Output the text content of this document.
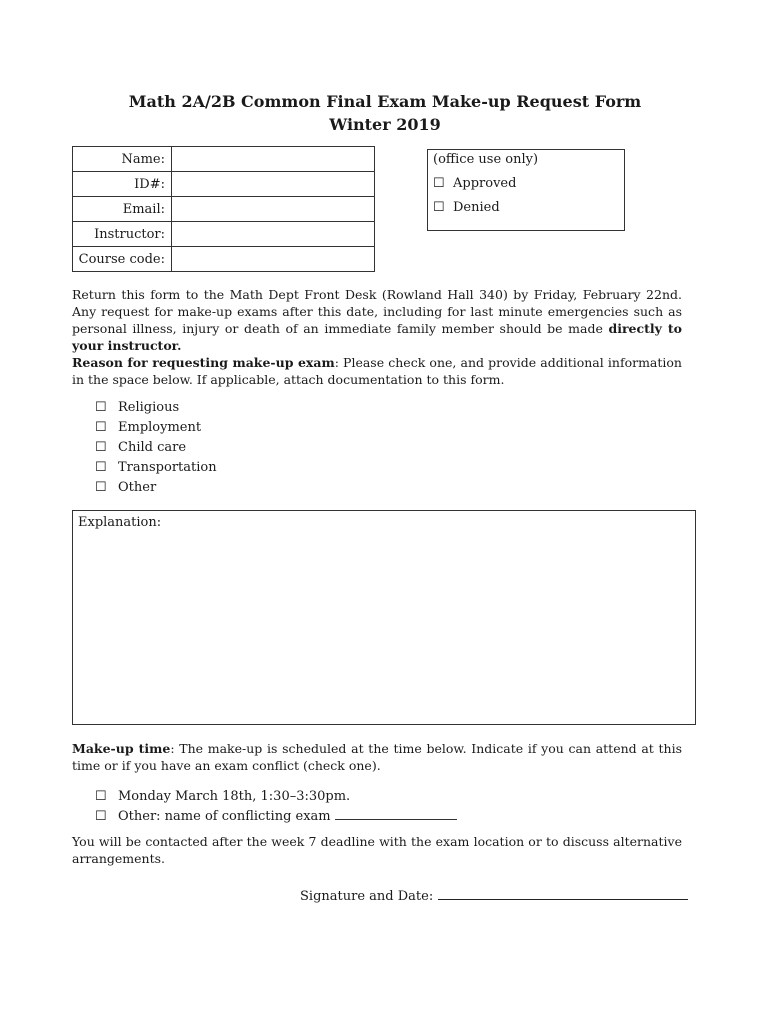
Math 2A/2B Common Final Exam Make-up Request Form
Winter 2019
Name:	
ID#:	
Email:	
Instructor:	
Course code:	
(office use only)
☐ Approved
☐ Denied
Return this form to the Math Dept Front Desk (Rowland Hall 340) by Friday, February 22nd. Any request for make-up exams after this date, including for last minute emergencies such as personal illness, injury or death of an immediate family member should be made directly to your instructor.
Reason for requesting make-up exam: Please check one, and provide additional information in the space below. If applicable, attach documentation to this form.
☐ Religious
☐ Employment
☐ Child care
☐ Transportation
☐ Other
Explanation:
Make-up time: The make-up is scheduled at the time below. Indicate if you can attend at this time or if you have an exam conflict (check one).
☐ Monday March 18th, 1:30–3:30pm.
☐ Other: name of conflicting exam
You will be contacted after the week 7 deadline with the exam location or to discuss alternative arrangements.
Signature and Date:
